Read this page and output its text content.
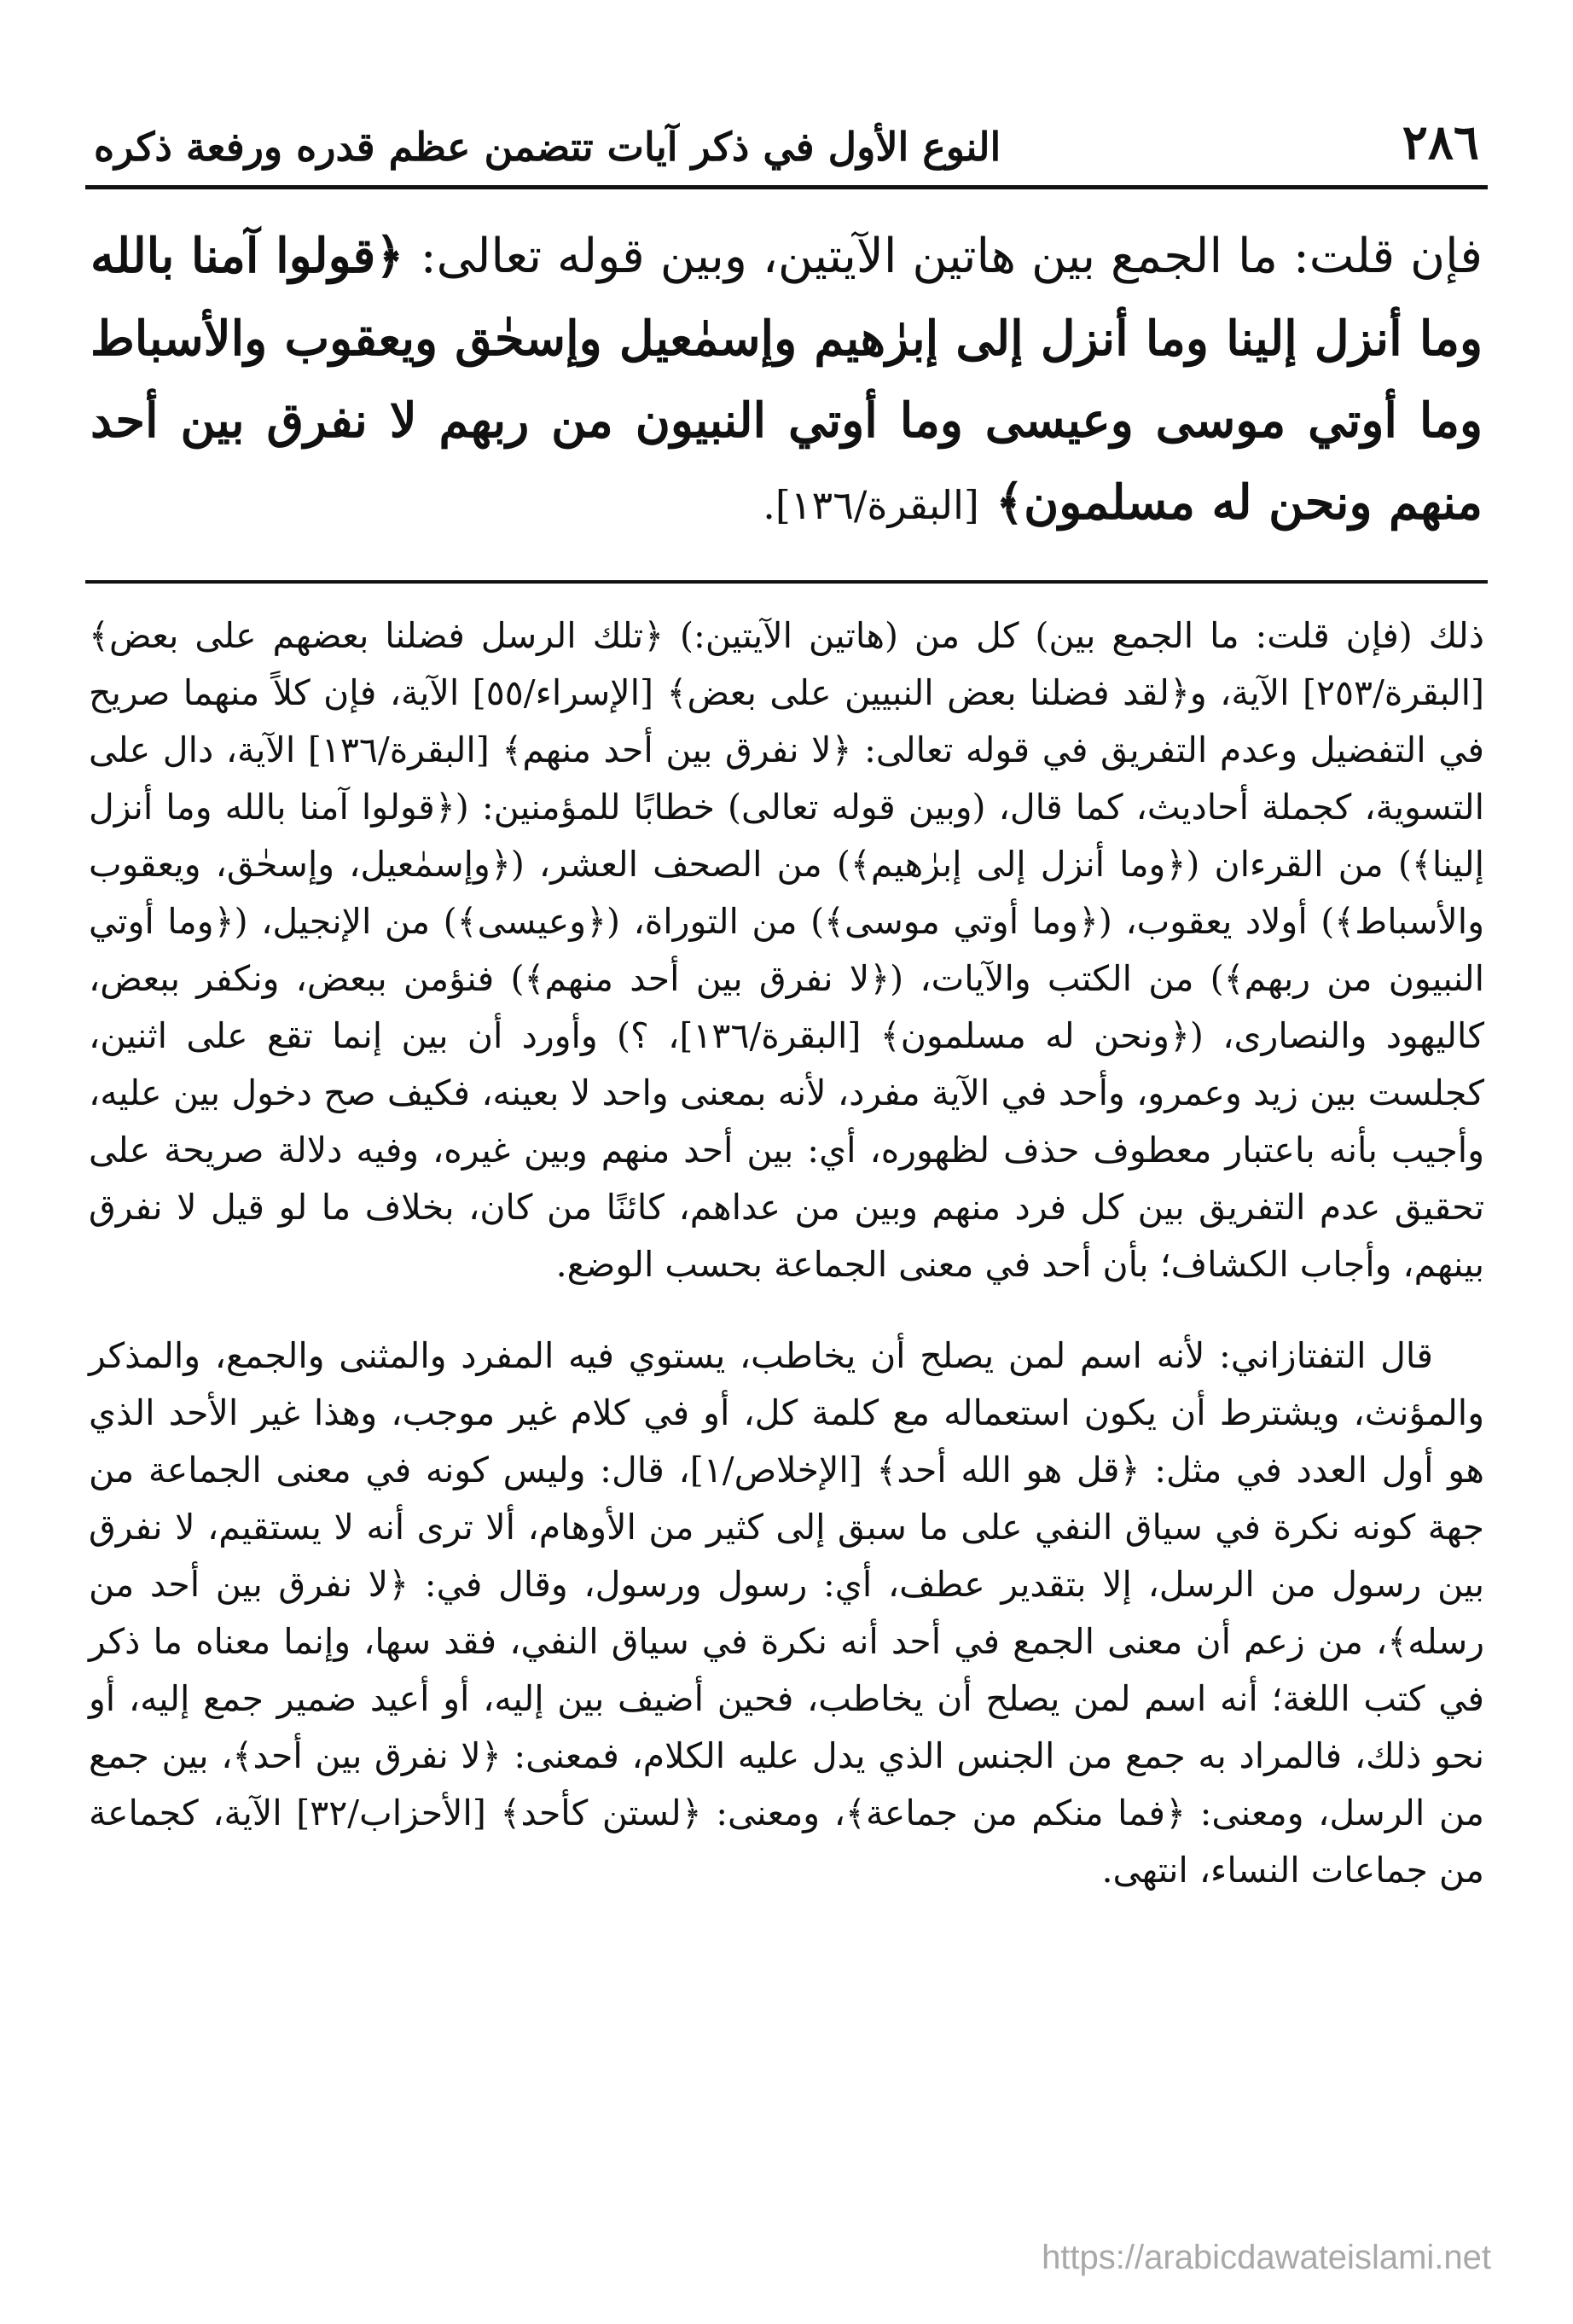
٢٨٦
النوع الأول في ذكر آيات تتضمن عظم قدره ورفعة ذكره
فإن قلت: ما الجمع بين هاتين الآيتين، وبين قوله تعالى: ﴿قولوا آمنا بالله وما أنزل إلينا وما أنزل إلى إبرٰهيم وإسمٰعيل وإسحٰق ويعقوب والأسباط وما أوتي موسى وعيسى وما أوتي النبيون من ربهم لا نفرق بين أحد منهم ونحن له مسلمون﴾ [البقرة/١٣٦].

ذلك (فإن قلت: ما الجمع بين) كل من (هاتين الآيتين:) ﴿تلك الرسل فضلنا بعضهم على بعض﴾ [البقرة/٢٥٣] الآية، و﴿لقد فضلنا بعض النبيين على بعض﴾ [الإسراء/٥٥] الآية، فإن كلاً منهما صريح في التفضيل وعدم التفريق في قوله تعالى: ﴿لا نفرق بين أحد منهم﴾ [البقرة/١٣٦] الآية، دال على التسوية، كجملة أحاديث، كما قال، (وبين قوله تعالى) خطابًا للمؤمنين: (﴿قولوا آمنا بالله وما أنزل إلينا﴾) من القرءان (﴿وما أنزل إلى إبرٰهيم﴾) من الصحف العشر، (﴿وإسمٰعيل، وإسحٰق، ويعقوب والأسباط﴾) أولاد يعقوب، (﴿وما أوتي موسى﴾) من التوراة، (﴿وعيسى﴾) من الإنجيل، (﴿وما أوتي النبيون من ربهم﴾) من الكتب والآيات، (﴿لا نفرق بين أحد منهم﴾) فنؤمن ببعض، ونكفر ببعض، كاليهود والنصارى، (﴿ونحن له مسلمون﴾ [البقرة/١٣٦]، ؟) وأورد أن بين إنما تقع على اثنين، كجلست بين زيد وعمرو، وأحد في الآية مفرد، لأنه بمعنى واحد لا بعينه، فكيف صح دخول بين عليه، وأجيب بأنه باعتبار معطوف حذف لظهوره، أي: بين أحد منهم وبين غيره، وفيه دلالة صريحة على تحقيق عدم التفريق بين كل فرد منهم وبين من عداهم، كائنًا من كان، بخلاف ما لو قيل لا نفرق بينهم، وأجاب الكشاف؛ بأن أحد في معنى الجماعة بحسب الوضع.

قال التفتازاني: لأنه اسم لمن يصلح أن يخاطب، يستوي فيه المفرد والمثنى والجمع، والمذكر والمؤنث، ويشترط أن يكون استعماله مع كلمة كل، أو في كلام غير موجب، وهذا غير الأحد الذي هو أول العدد في مثل: ﴿قل هو الله أحد﴾ [الإخلاص/١]، قال: وليس كونه في معنى الجماعة من جهة كونه نكرة في سياق النفي على ما سبق إلى كثير من الأوهام، ألا ترى أنه لا يستقيم، لا نفرق بين رسول من الرسل، إلا بتقدير عطف، أي: رسول ورسول، وقال في: ﴿لا نفرق بين أحد من رسله﴾، من زعم أن معنى الجمع في أحد أنه نكرة في سياق النفي، فقد سها، وإنما معناه ما ذكر في كتب اللغة؛ أنه اسم لمن يصلح أن يخاطب، فحين أضيف بين إليه، أو أعيد ضمير جمع إليه، أو نحو ذلك، فالمراد به جمع من الجنس الذي يدل عليه الكلام، فمعنى: ﴿لا نفرق بين أحد﴾، بين جمع من الرسل، ومعنى: ﴿فما منكم من جماعة﴾، ومعنى: ﴿لستن كأحد﴾ [الأحزاب/٣٢] الآية، كجماعة من جماعات النساء، انتهى.

https://arabicdawateislami.net
